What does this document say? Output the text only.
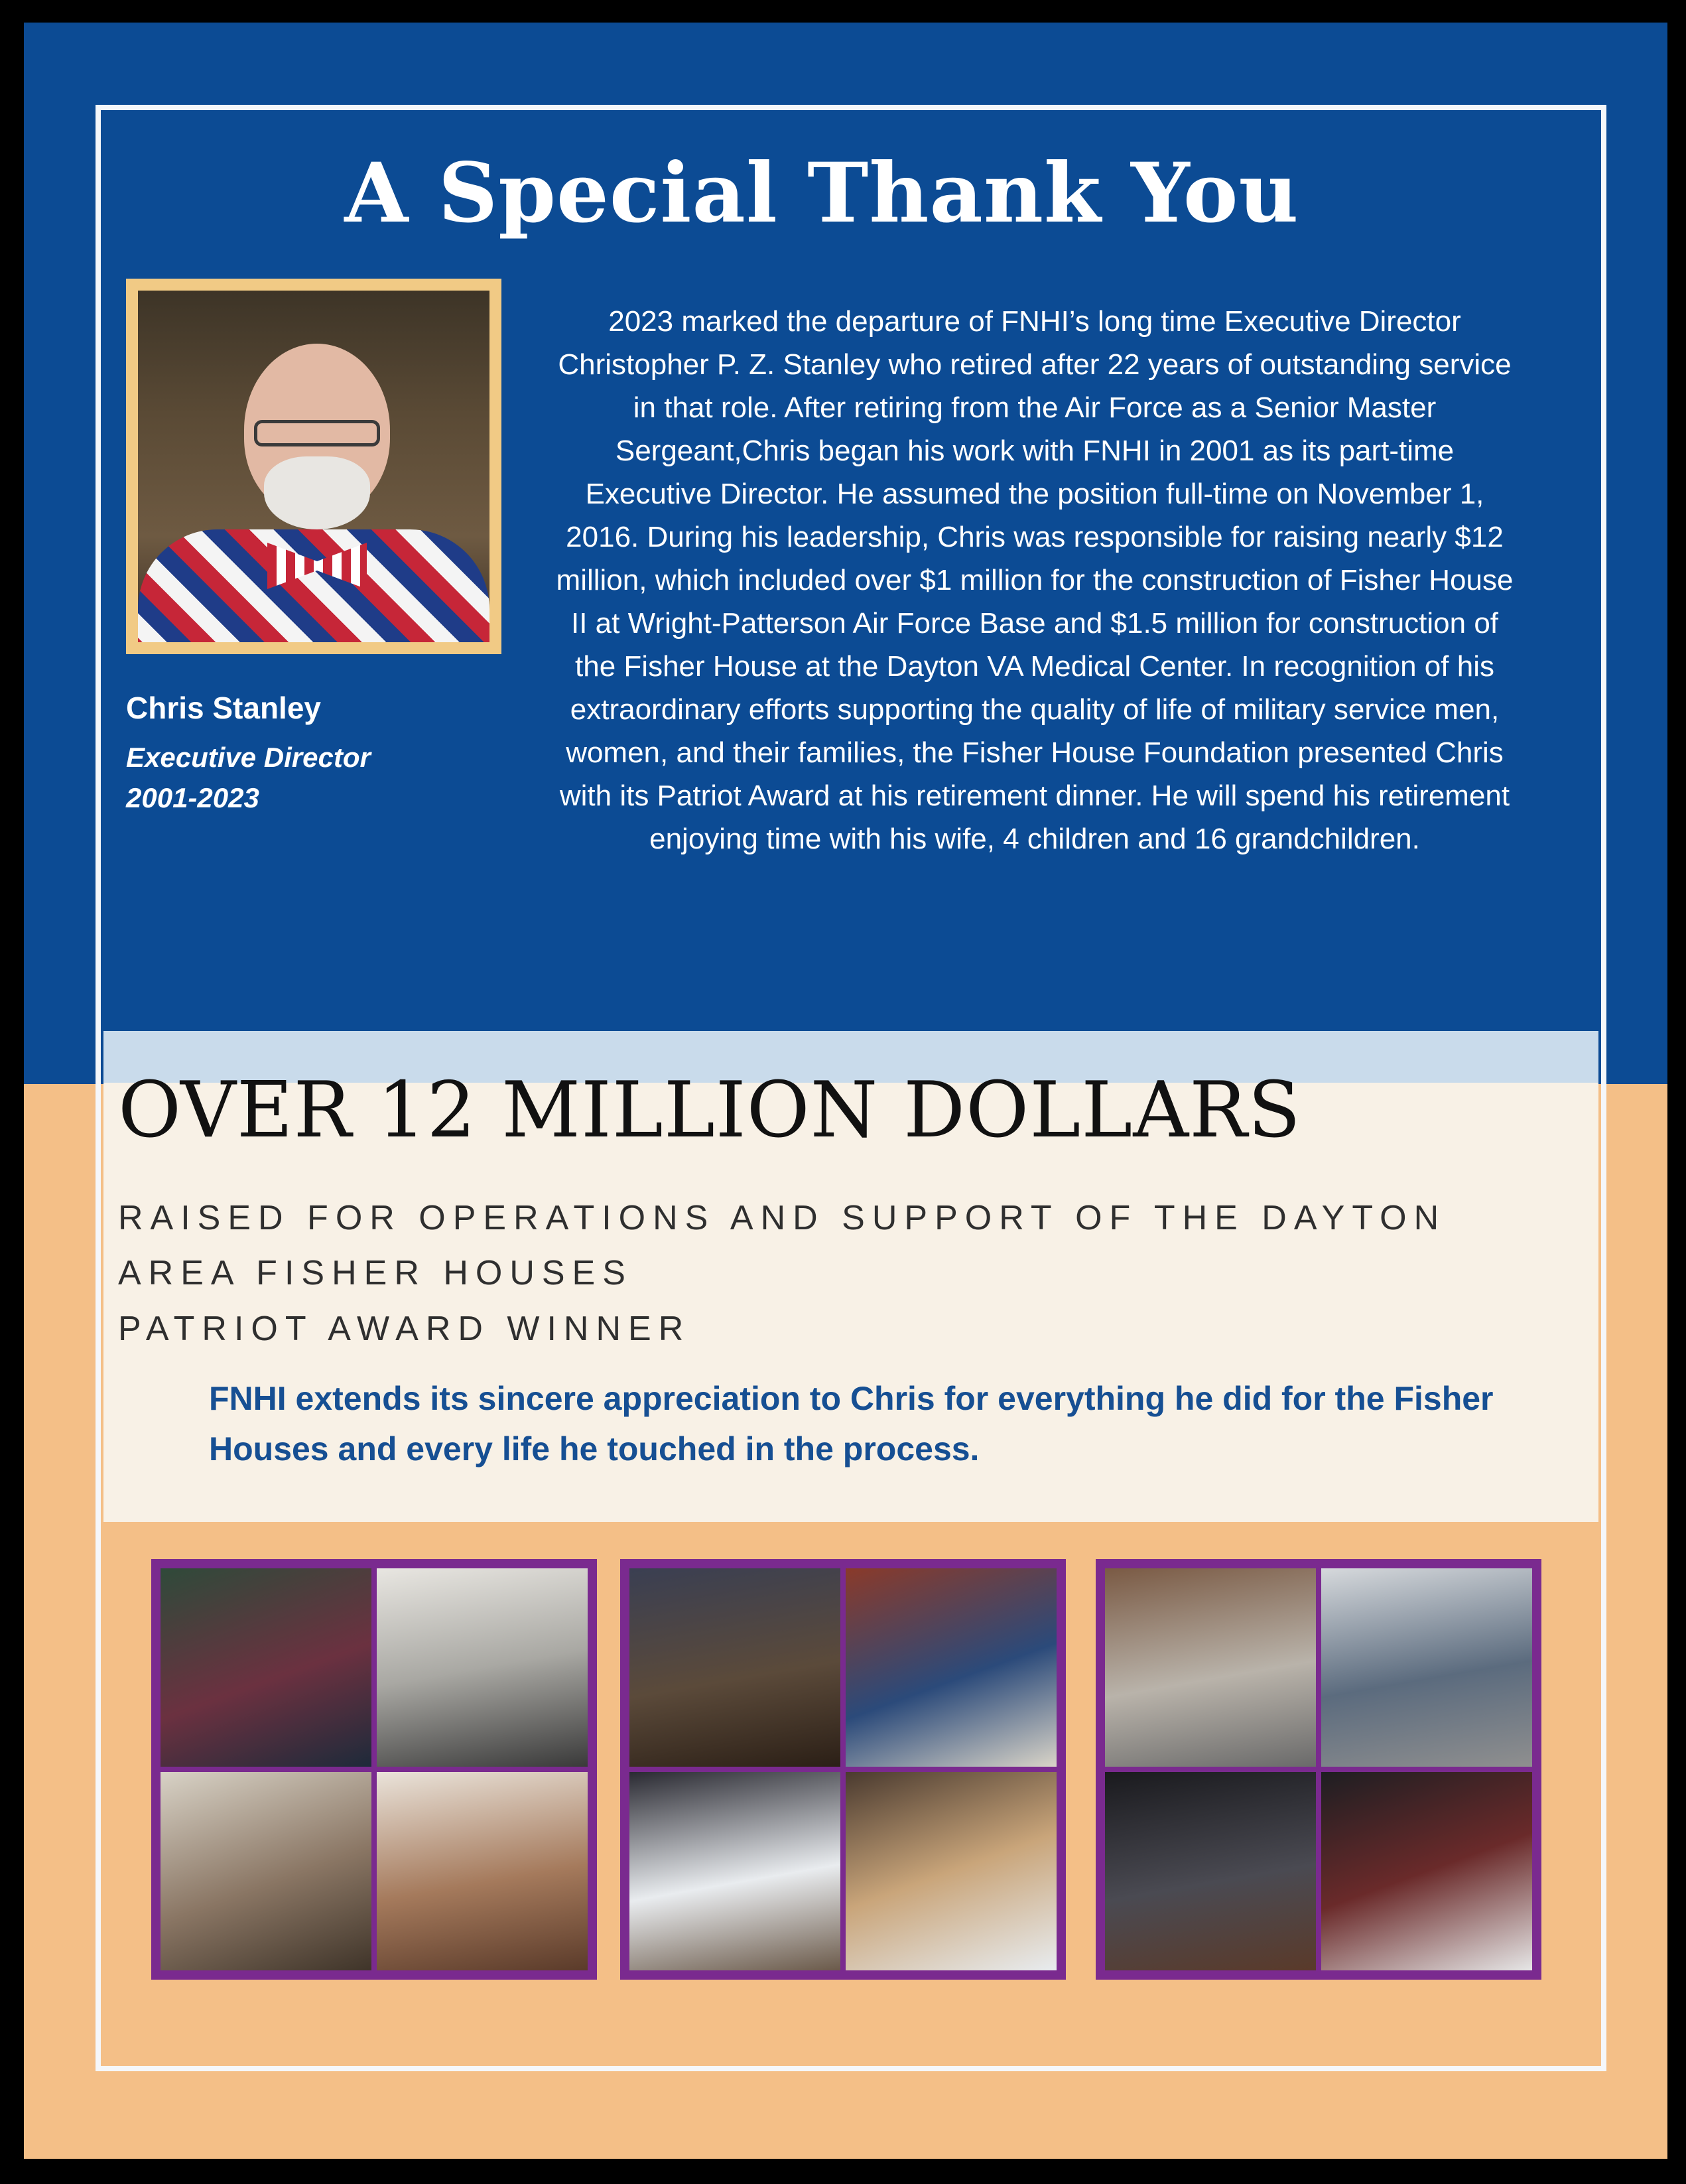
A Special Thank You
Chris Stanley
Executive Director
2001-2023
2023 marked the departure of FNHI’s long time Executive Director Christopher P. Z. Stanley who retired after 22 years of outstanding service in that role. After retiring from the Air Force as a Senior Master Sergeant,Chris began his work with FNHI in 2001 as its part-time Executive Director. He assumed the position full-time on November 1, 2016. During his leadership, Chris was responsible for raising nearly $12 million, which included over $1 million for the construction of Fisher House II at Wright-Patterson Air Force Base and $1.5 million for construction of the Fisher House at the Dayton VA Medical Center. In recognition of his extraordinary efforts supporting the quality of life of military service men, women, and their families, the Fisher House Foundation presented Chris with its Patriot Award at his retirement dinner. He will spend his retirement enjoying time with his wife, 4 children and 16 grandchildren.
OVER 12 MILLION DOLLARS
RAISED FOR OPERATIONS AND SUPPORT OF THE DAYTON
AREA FISHER HOUSES
PATRIOT AWARD WINNER
FNHI extends its sincere appreciation to Chris for everything he did for the Fisher Houses and every life he touched in the process.
